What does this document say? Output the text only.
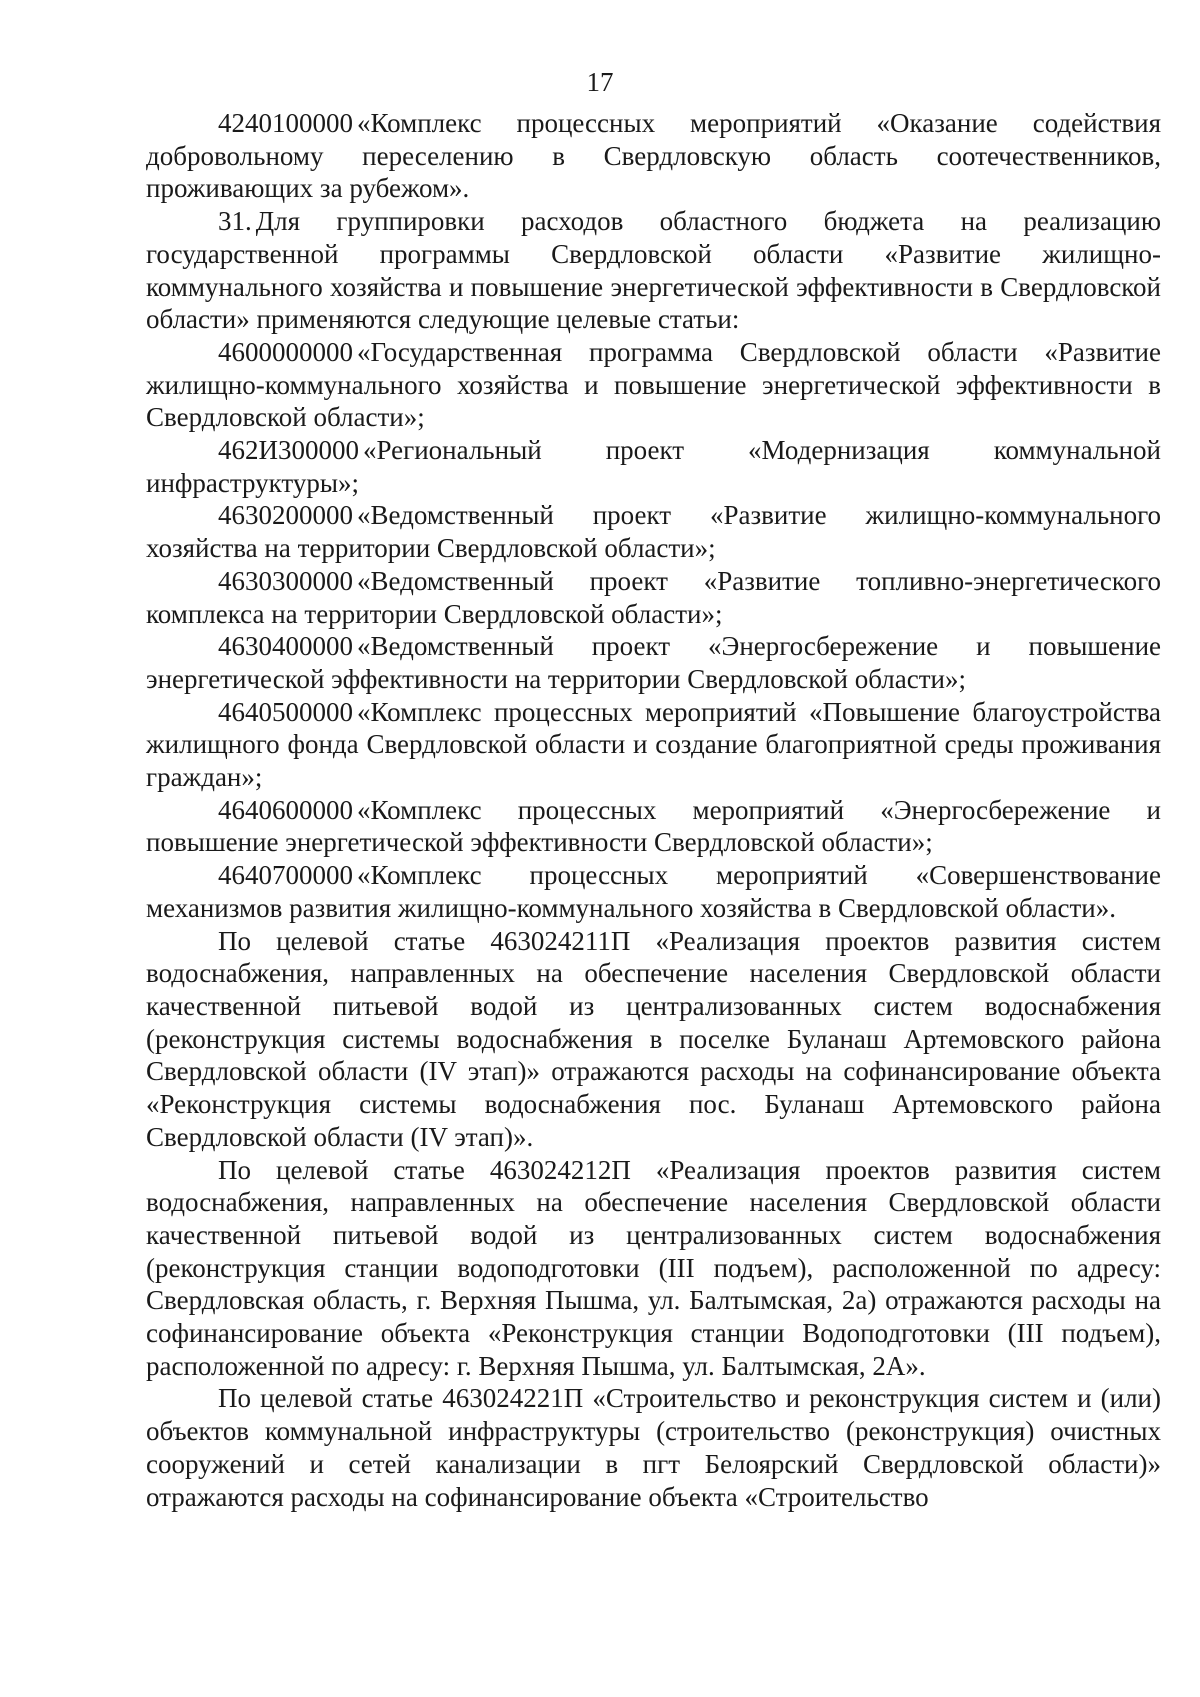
17

4240100000 «Комплекс процессных мероприятий «Оказание содействия добровольному переселению в Свердловскую область соотечественников, проживающих за рубежом».

31. Для группировки расходов областного бюджета на реализацию государственной программы Свердловской области «Развитие жилищно-коммунального хозяйства и повышение энергетической эффективности в Свердловской области» применяются следующие целевые статьи:

4600000000 «Государственная программа Свердловской области «Развитие жилищно-коммунального хозяйства и повышение энергетической эффективности в Свердловской области»;

462И300000 «Региональный проект «Модернизация коммунальной инфраструктуры»;

4630200000 «Ведомственный проект «Развитие жилищно-коммунального хозяйства на территории Свердловской области»;

4630300000 «Ведомственный проект «Развитие топливно-энергетического комплекса на территории Свердловской области»;

4630400000 «Ведомственный проект «Энергосбережение и повышение энергетической эффективности на территории Свердловской области»;

4640500000 «Комплекс процессных мероприятий «Повышение благоустройства жилищного фонда Свердловской области и создание благоприятной среды проживания граждан»;

4640600000 «Комплекс процессных мероприятий «Энергосбережение и повышение энергетической эффективности Свердловской области»;

4640700000 «Комплекс процессных мероприятий «Совершенствование механизмов развития жилищно-коммунального хозяйства в Свердловской области».

По целевой статье 463024211П «Реализация проектов развития систем водоснабжения, направленных на обеспечение населения Свердловской области качественной питьевой водой из централизованных систем водоснабжения (реконструкция системы водоснабжения в поселке Буланаш Артемовского района Свердловской области (IV этап)» отражаются расходы на софинансирование объекта «Реконструкция системы водоснабжения пос. Буланаш Артемовского района Свердловской области (IV этап)».

По целевой статье 463024212П «Реализация проектов развития систем водоснабжения, направленных на обеспечение населения Свердловской области качественной питьевой водой из централизованных систем водоснабжения (реконструкция станции водоподготовки (III подъем), расположенной по адресу: Свердловская область, г. Верхняя Пышма, ул. Балтымская, 2а) отражаются расходы на софинансирование объекта «Реконструкция станции Водоподготовки (III подъем), расположенной по адресу: г. Верхняя Пышма, ул. Балтымская, 2А».

По целевой статье 463024221П «Строительство и реконструкция систем и (или) объектов коммунальной инфраструктуры (строительство (реконструкция) очистных сооружений и сетей канализации в пгт Белоярский Свердловской области)» отражаются расходы на софинансирование объекта «Строительство
